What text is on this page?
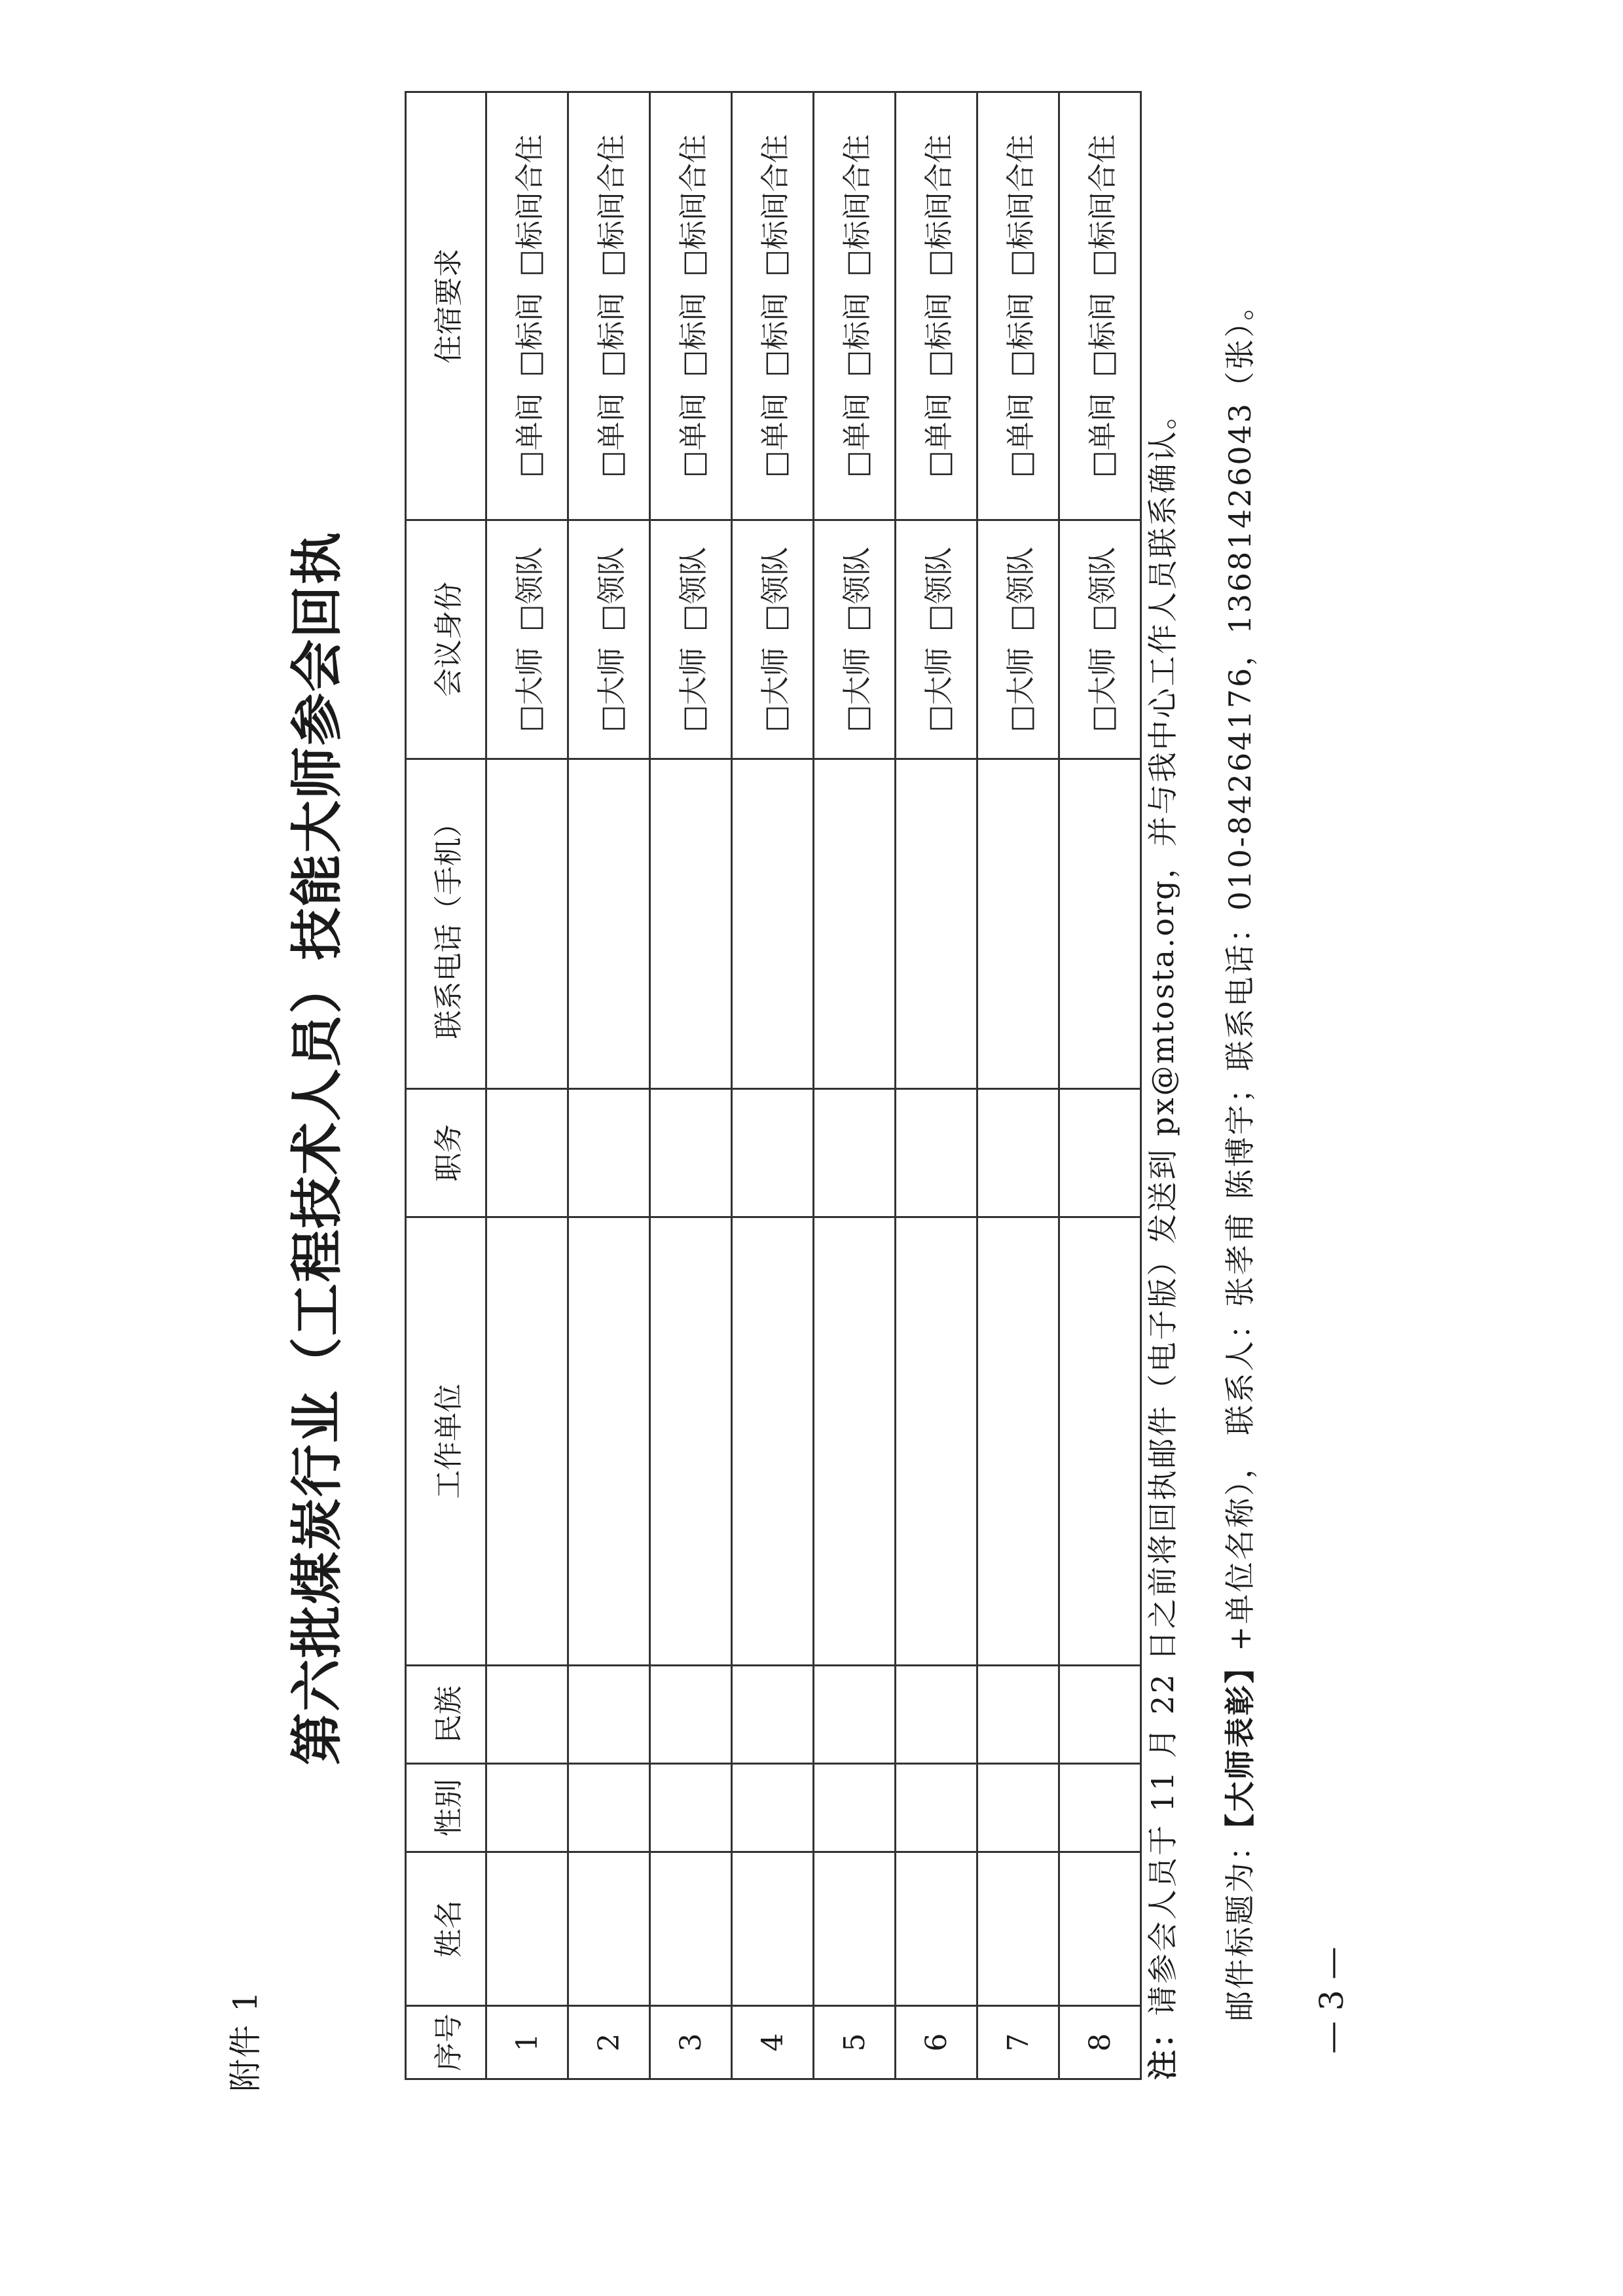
附件 1
第六批煤炭行业（工程技术人员）技能大师参会回执
序号	姓名	性别	民族	工作单位	职务	联系电话（手机）	会议身份	住宿要求
1							□大师□领队	□单间□标间□标间合住
2							□大师□领队	□单间□标间□标间合住
3							□大师□领队	□单间□标间□标间合住
4							□大师□领队	□单间□标间□标间合住
5							□大师□领队	□单间□标间□标间合住
6							□大师□领队	□单间□标间□标间合住
7							□大师□领队	□单间□标间□标间合住
8							□大师□领队	□单间□标间□标间合住
注：请参会人员于 11 月 22 日之前将回执邮件（电子版）发送到 px@mtosta.org，并与我中心工作人员联系确认。 邮件标题为：【大师表彰】+单位名称）， 联系人：张孝甫 陈博宇；联系电话：010-84264176，13681426043（张）。
— 3 —
